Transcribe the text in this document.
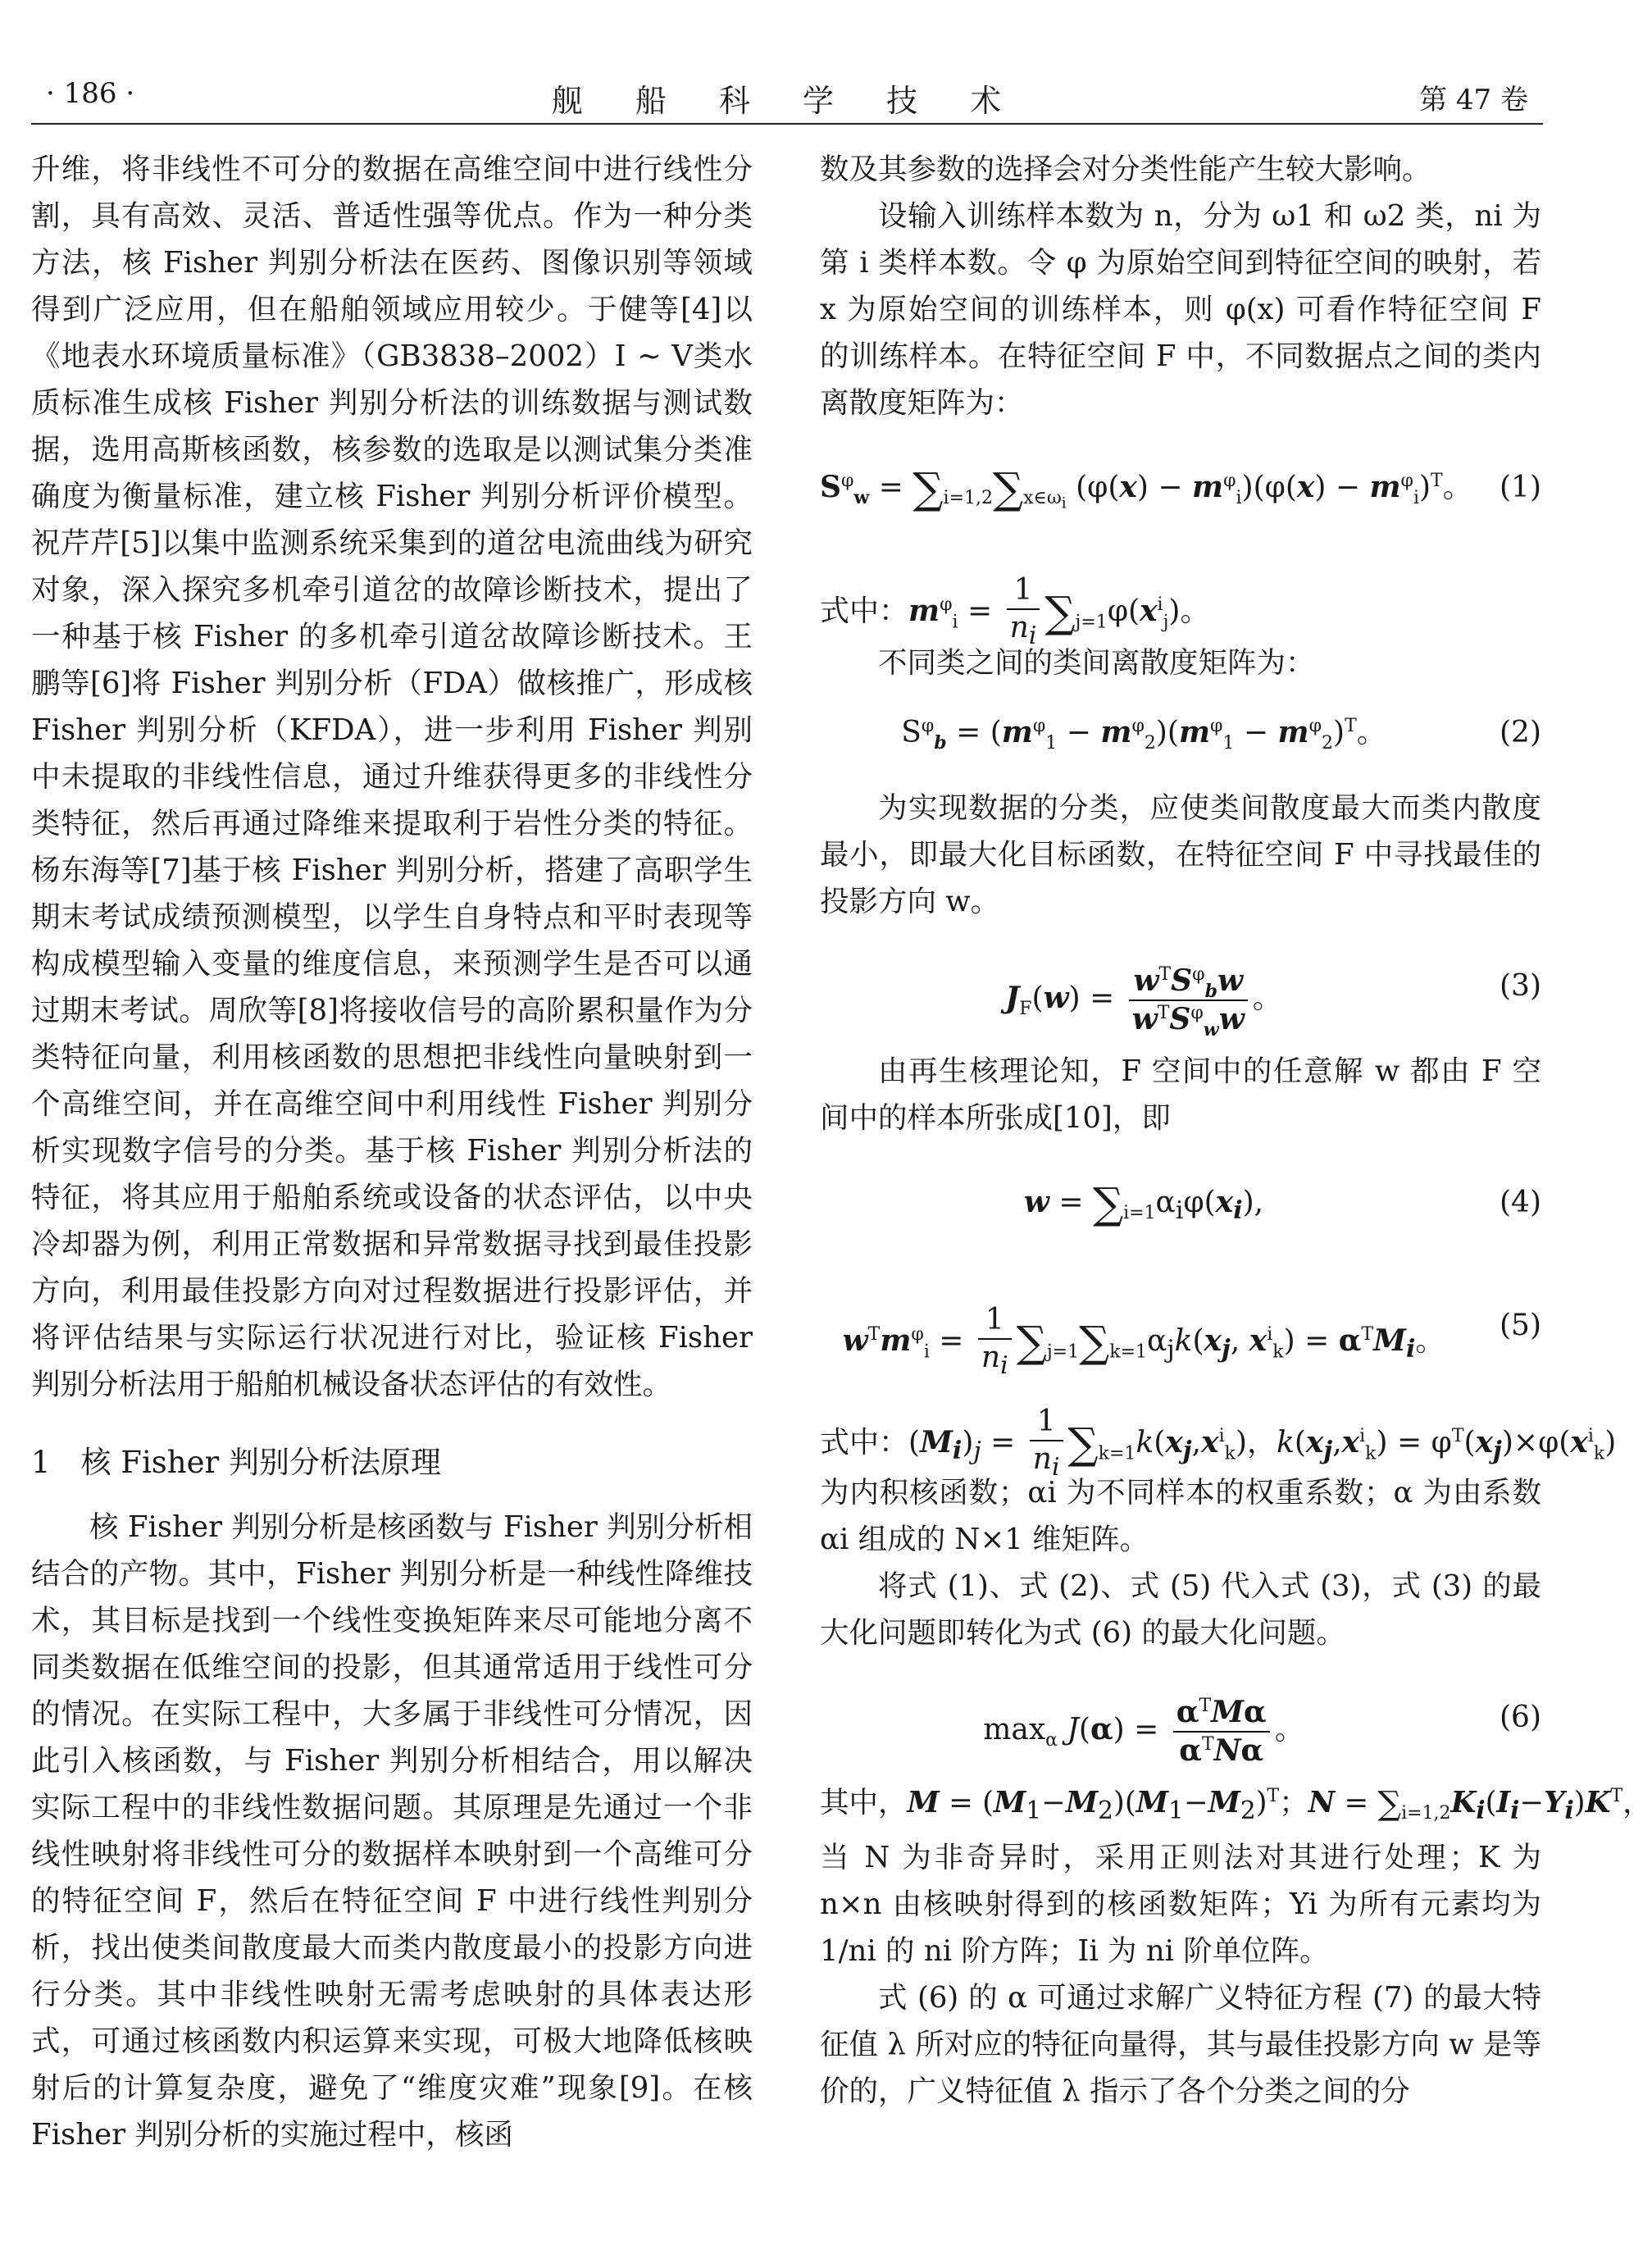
· 186 ·	舰 船 科 学 技 术	第 47 卷

升维，将非线性不可分的数据在高维空间中进行线性分割，具有高效、灵活、普适性强等优点。作为一种分类方法，核 Fisher 判别分析法在医药、图像识别等领域得到广泛应用，但在船舶领域应用较少。于健等[4]以《地表水环境质量标准》（GB3838–2002）Ⅰ ~ Ⅴ类水质标准生成核 Fisher 判别分析法的训练数据与测试数据，选用高斯核函数，核参数的选取是以测试集分类准确度为衡量标准，建立核 Fisher 判别分析评价模型。祝芹芹[5]以集中监测系统采集到的道岔电流曲线为研究对象，深入探究多机牵引道岔的故障诊断技术，提出了一种基于核 Fisher 的多机牵引道岔故障诊断技术。王鹏等[6]将 Fisher 判别分析（FDA）做核推广，形成核 Fisher 判别分析（KFDA），进一步利用 Fisher 判别中未提取的非线性信息，通过升维获得更多的非线性分类特征，然后再通过降维来提取利于岩性分类的特征。杨东海等[7]基于核 Fisher 判别分析，搭建了高职学生期末考试成绩预测模型，以学生自身特点和平时表现等构成模型输入变量的维度信息，来预测学生是否可以通过期末考试。周欣等[8]将接收信号的高阶累积量作为分类特征向量，利用核函数的思想把非线性向量映射到一个高维空间，并在高维空间中利用线性 Fisher 判别分析实现数字信号的分类。基于核 Fisher 判别分析法的特征，将其应用于船舶系统或设备的状态评估，以中央冷却器为例，利用正常数据和异常数据寻找到最佳投影方向，利用最佳投影方向对过程数据进行投影评估，并将评估结果与实际运行状况进行对比，验证核 Fisher 判别分析法用于船舶机械设备状态评估的有效性。

1　核 Fisher 判别分析法原理

核 Fisher 判别分析是核函数与 Fisher 判别分析相结合的产物。其中，Fisher 判别分析是一种线性降维技术，其目标是找到一个线性变换矩阵来尽可能地分离不同类数据在低维空间的投影，但其通常适用于线性可分的情况。在实际工程中，大多属于非线性可分情况，因此引入核函数，与 Fisher 判别分析相结合，用以解决实际工程中的非线性数据问题。其原理是先通过一个非线性映射将非线性可分的数据样本映射到一个高维可分的特征空间 F，然后在特征空间 F 中进行线性判别分析，找出使类间散度最大而类内散度最小的投影方向进行分类。其中非线性映射无需考虑映射的具体表达形式，可通过核函数内积运算来实现，可极大地降低核映射后的计算复杂度，避免了“维度灾难”现象[9]。在核 Fisher 判别分析的实施过程中，核函

数及其参数的选择会对分类性能产生较大影响。

设输入训练样本数为 n，分为 ω1 和 ω2 类，ni 为第 i 类样本数。令 φ 为原始空间到特征空间的映射，若 x 为原始空间的训练样本，则 φ(x) 可看作特征空间 F 的训练样本。在特征空间 F 中，不同数据点之间的类内离散度矩阵为：

$S^\varphi_w = \sum_{i=1,2}\sum_{x\in\omega_i}$ $(\varphi(x) - m^\varphi_i)(\varphi(x) - m^\varphi_i)^T$。 (1)
式中：$m^\varphi_i = \frac{1}{n_i} \sum_{j=1}\varphi(x^i_j)$。

不同类之间的类间离散度矩阵为：

$S^\varphi_b = (m^\varphi_1 - m^\varphi_2)(m^\varphi_1 - m^\varphi_2)^T$。	(2)

为实现数据的分类，应使类间散度最大而类内散度最小，即最大化目标函数，在特征空间 F 中寻找最佳的投影方向 w。

$J_F(w) = \frac{w^TS^\varphi_bw}{w^TS^\varphi_ww}$ 。	(3)

由再生核理论知，F 空间中的任意解 w 都由 F 空间中的样本所张成[10]，即

$w = \sum_{i=1}\alpha_i\varphi(x_i)$,	(4)
$w^Tm^\varphi_i = \frac{1}{n_i} \sum_{j=1}\sum_{k=1}\alpha_jk(x_j$, $x^i_k) = \alpha^TM_i$。	(5)
式中：$(M_i)_j = \frac{1}{n_i} \sum_{k=1}k(x_j,x^i_k)$，$k(x_j,x^i_k) = \varphi^T(x_j)\times\varphi(x^i_k)$

为内积核函数；αi 为不同样本的权重系数；α 为由系数 αi 组成的 N×1 维矩阵。

将式 (1)、式 (2)、式 (5) 代入式 (3)，式 (3) 的最大化问题即转化为式 (6) 的最大化问题。

$\max_\alpha J(\alpha) = \frac{\alpha^TM\alpha}{\alpha^TN\alpha}$ 。	(6)
其中，$M = (M_1-M_2)(M_1-M_2)^T$；$N = \sum_{i=1,2}K_i(I_i-Y_i)K^T$，

当 N 为非奇异时，采用正则法对其进行处理；K 为 n×n 由核映射得到的核函数矩阵；Yi 为所有元素均为 1/ni 的 ni 阶方阵；Ii 为 ni 阶单位阵。

式 (6) 的 α 可通过求解广义特征方程 (7) 的最大特征值 λ 所对应的特征向量得，其与最佳投影方向 w 是等价的，广义特征值 λ 指示了各个分类之间的分
